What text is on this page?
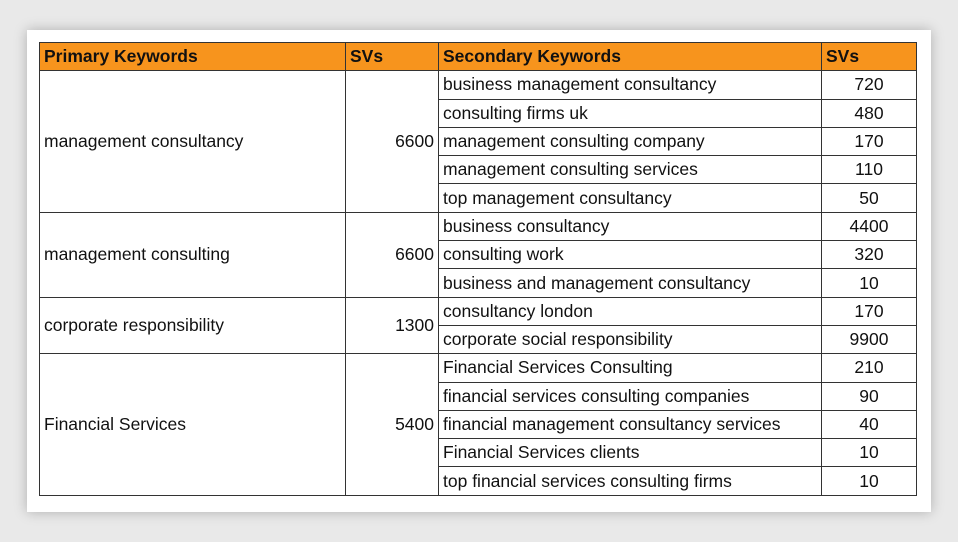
Primary Keywords	SVs	Secondary Keywords	SVs
management consultancy	6600	business management consultancy	720
		consulting firms uk	480
		management consulting company	170
		management consulting services	110
		top management consultancy	50
management consulting	6600	business consultancy	4400
		consulting work	320
		business and management consultancy	10
corporate responsibility	1300	consultancy london	170
		corporate social responsibility	9900
Financial Services	5400	Financial Services Consulting	210
		financial services consulting companies	90
		financial management consultancy services	40
		Financial Services clients	10
		top financial services consulting firms	10
